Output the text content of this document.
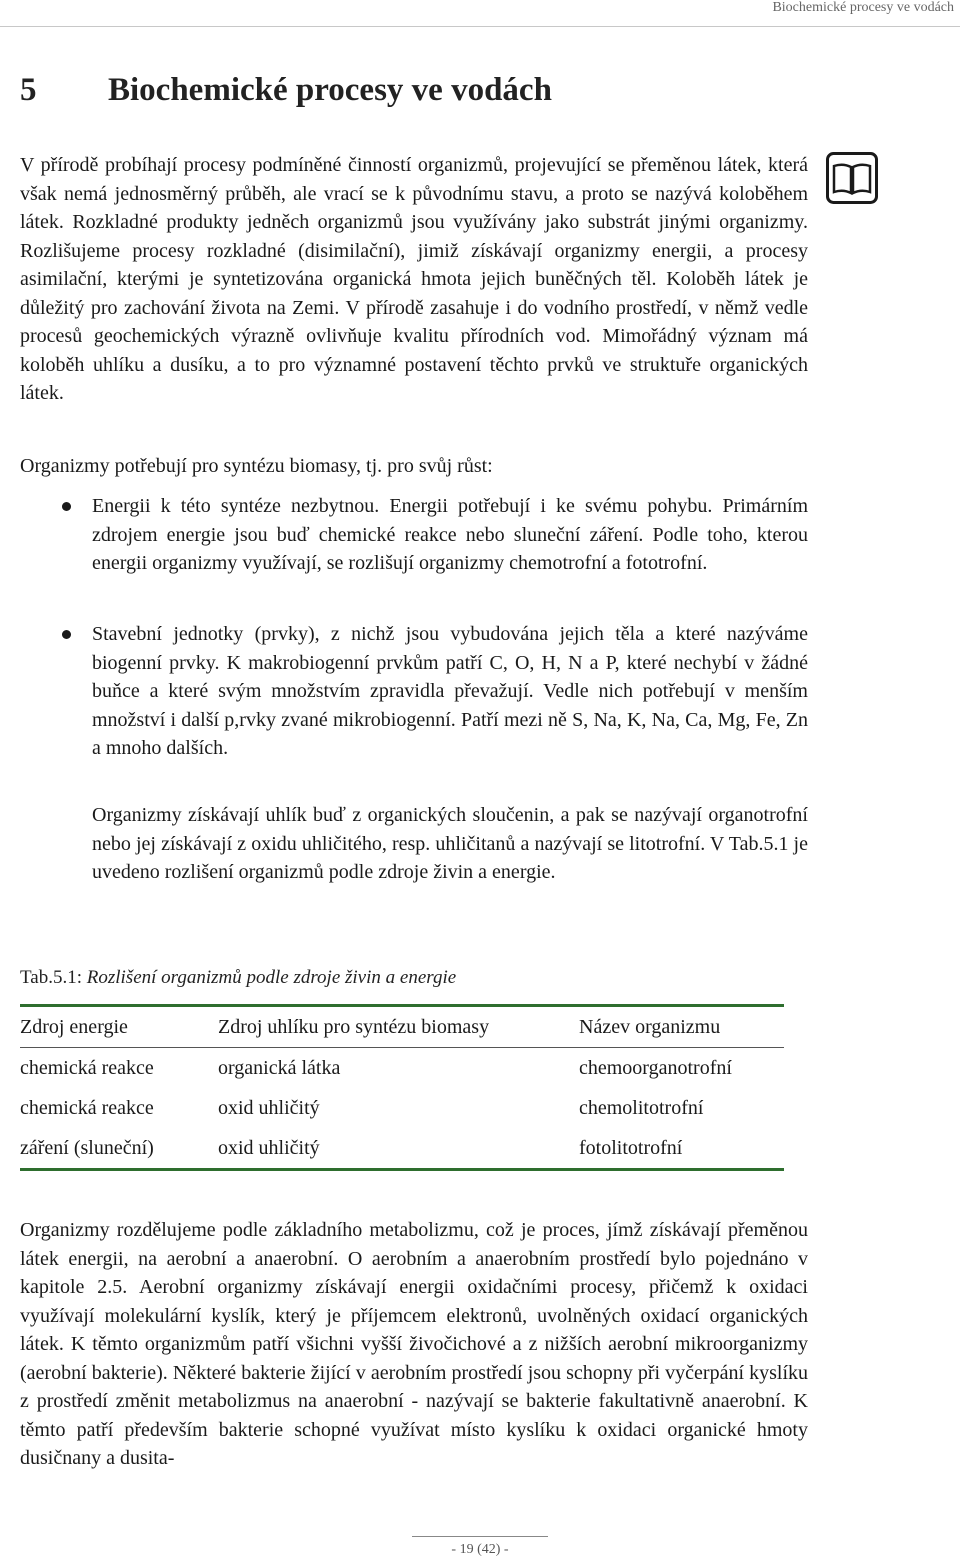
Biochemické procesy ve vodách
5 Biochemické procesy ve vodách

V přírodě probíhají procesy podmíněné činností organizmů, projevující se přeměnou látek, která však nemá jednosměrný průběh, ale vrací se k původnímu stavu, a proto se nazývá koloběhem látek. Rozkladné produkty jedněch organizmů jsou využívány jako substrát jinými organizmy. Rozlišujeme procesy rozkladné (disimilační), jimiž získávají organizmy energii, a procesy asimilační, kterými je syntetizována organická hmota jejich buněčných těl. Koloběh látek je důležitý pro zachování života na Zemi. V přírodě zasahuje i do vodního prostředí, v němž vedle procesů geochemických výrazně ovlivňuje kvalitu přírodních vod. Mimořádný význam má koloběh uhlíku a dusíku, a to pro významné postavení těchto prvků ve struktuře organických látek.

Organizmy potřebují pro syntézu biomasy, tj. pro svůj růst:

Energii k této syntéze nezbytnou. Energii potřebují i ke svému pohybu. Primárním zdrojem energie jsou buď chemické reakce nebo sluneční záření. Podle toho, kterou energii organizmy využívají, se rozlišují organizmy chemotrofní a fototrofní.
Stavební jednotky (prvky), z nichž jsou vybudována jejich těla a které nazýváme biogenní prvky. K makrobiogenní prvkům patří C, O, H, N a P, které nechybí v žádné buňce a které svým množstvím zpravidla převažují. Vedle nich potřebují v menším množství i další p,rvky zvané mikrobiogenní. Patří mezi ně S, Na, K, Na, Ca, Mg, Fe, Zn a mnoho dalších.
Organizmy získávají uhlík buď z organických sloučenin, a pak se nazývají organotrofní nebo jej získávají z oxidu uhličitého, resp. uhličitanů a nazývají se litotrofní. V Tab.5.1 je uvedeno rozlišení organizmů podle zdroje živin a energie.
Tab.5.1: Rozlišení organizmů podle zdroje živin a energie
Zdroj energie	Zdroj uhlíku pro syntézu biomasy	Název organizmu
chemická reakce	organická látka	chemoorganotrofní
chemická reakce	oxid uhličitý	chemolitotrofní
záření (sluneční)	oxid uhličitý	fotolitotrofní

Organizmy rozdělujeme podle základního metabolizmu, což je proces, jímž získávají přeměnou látek energii, na aerobní a anaerobní. O aerobním a anaerobním prostředí bylo pojednáno v kapitole 2.5. Aerobní organizmy získávají energii oxidačními procesy, přičemž k oxidaci využívají molekulární kyslík, který je příjemcem elektronů, uvolněných oxidací organických látek. K těmto organizmům patří všichni vyšší živočichové a z nižších aerobní mikroorganizmy (aerobní bakterie). Některé bakterie žijící v aerobním prostředí jsou schopny při vyčerpání kyslíku z prostředí změnit metabolizmus na anaerobní - nazývají se bakterie fakultativně anaerobní. K těmto patří především bakterie schopné využívat místo kyslíku k oxidaci organické hmoty dusičnany a dusita-

- 19 (42) -
